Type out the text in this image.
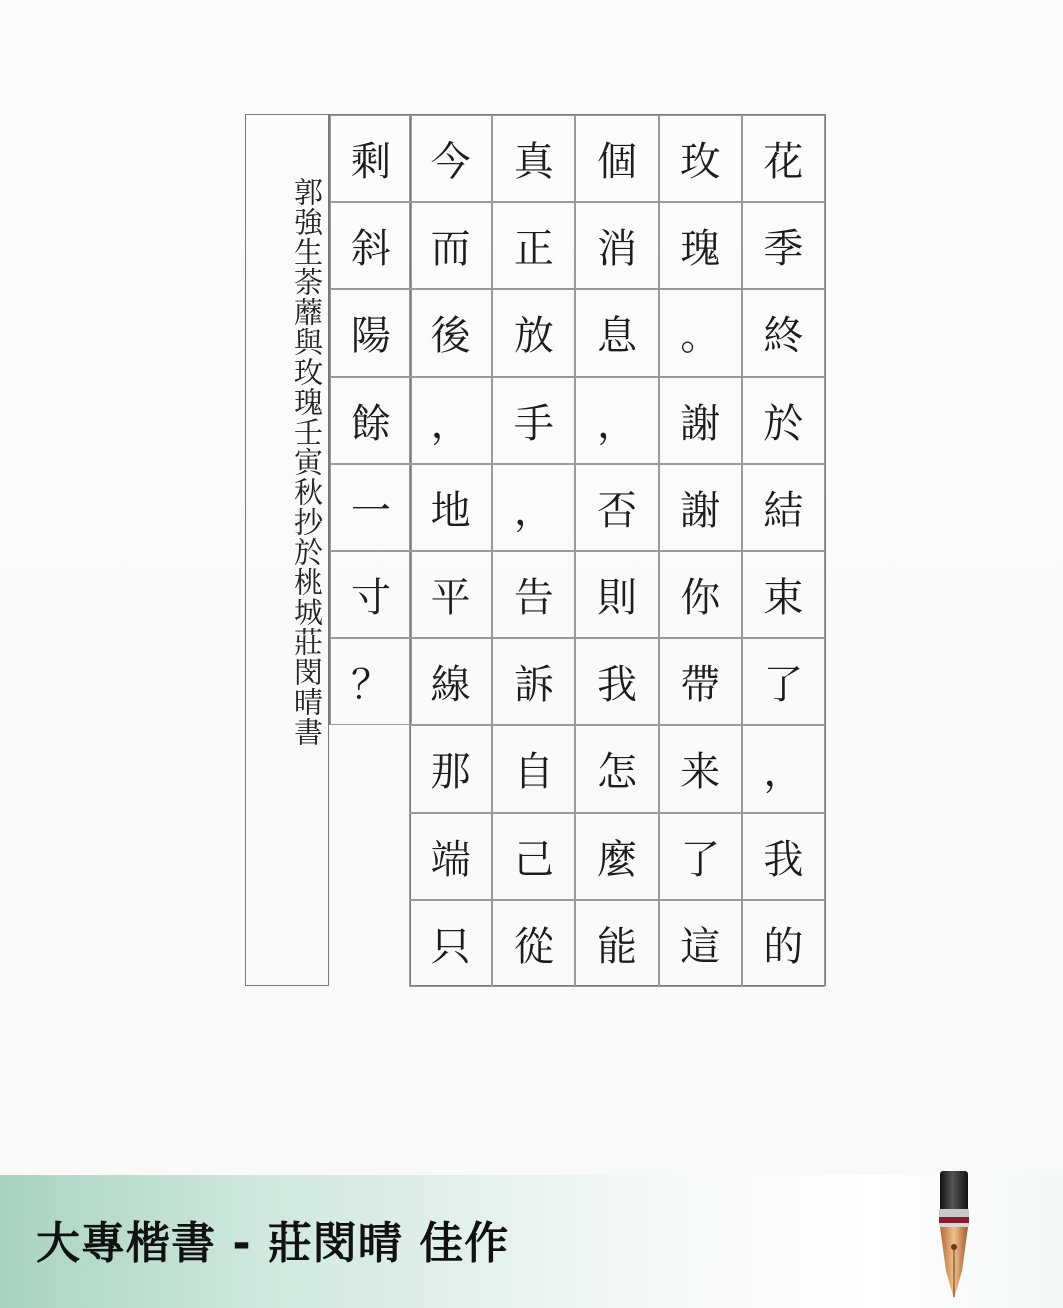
花
季
終
於
結
束
了
，
我
的
玫
瑰
。
謝
謝
你
帶
来
了
這
個
消
息
，
否
則
我
怎
麼
能
真
正
放
手
，
告
訴
自
己
從
今
而
後
，
地
平
線
那
端
只
剩
斜
陽
餘
一
寸
？
郭強生荼蘼與玫瑰壬寅秋抄於桃城莊閔晴書
大專楷書 - 莊閔晴 佳作
